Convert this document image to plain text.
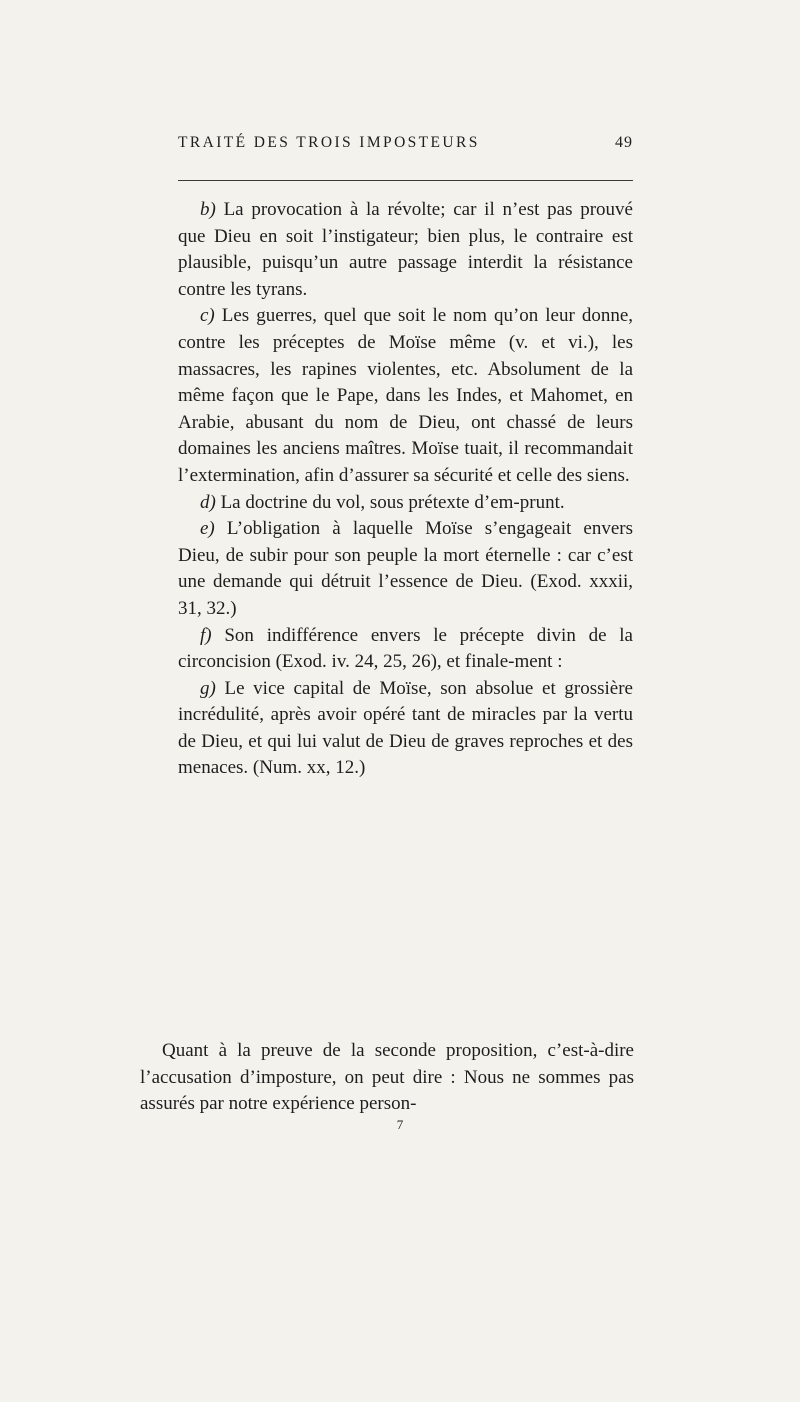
TRAITÉ DES TROIS IMPOSTEURS	49

b) La provocation à la révolte; car il n’est pas prouvé que Dieu en soit l’instigateur; bien plus, le contraire est plausible, puisqu’un autre passage interdit la résistance contre les tyrans.

c) Les guerres, quel que soit le nom qu’on leur donne, contre les préceptes de Moïse même (v. et vi.), les massacres, les rapines violentes, etc. Absolument de la même façon que le Pape, dans les Indes, et Mahomet, en Arabie, abusant du nom de Dieu, ont chassé de leurs domaines les anciens maîtres. Moïse tuait, il recommandait l’extermination, afin d’assurer sa sécurité et celle des siens.

d) La doctrine du vol, sous prétexte d’em-prunt.

e) L’obligation à laquelle Moïse s’engageait envers Dieu, de subir pour son peuple la mort éternelle : car c’est une demande qui détruit l’essence de Dieu. (Exod. xxxii, 31, 32.)

f) Son indifférence envers le précepte divin de la circoncision (Exod. iv. 24, 25, 26), et finale-ment :

g) Le vice capital de Moïse, son absolue et grossière incrédulité, après avoir opéré tant de miracles par la vertu de Dieu, et qui lui valut de Dieu de graves reproches et des menaces. (Num. xx, 12.)

Quant à la preuve de la seconde proposition, c’est-à-dire l’accusation d’imposture, on peut dire : Nous ne sommes pas assurés par notre expérience person-

7
